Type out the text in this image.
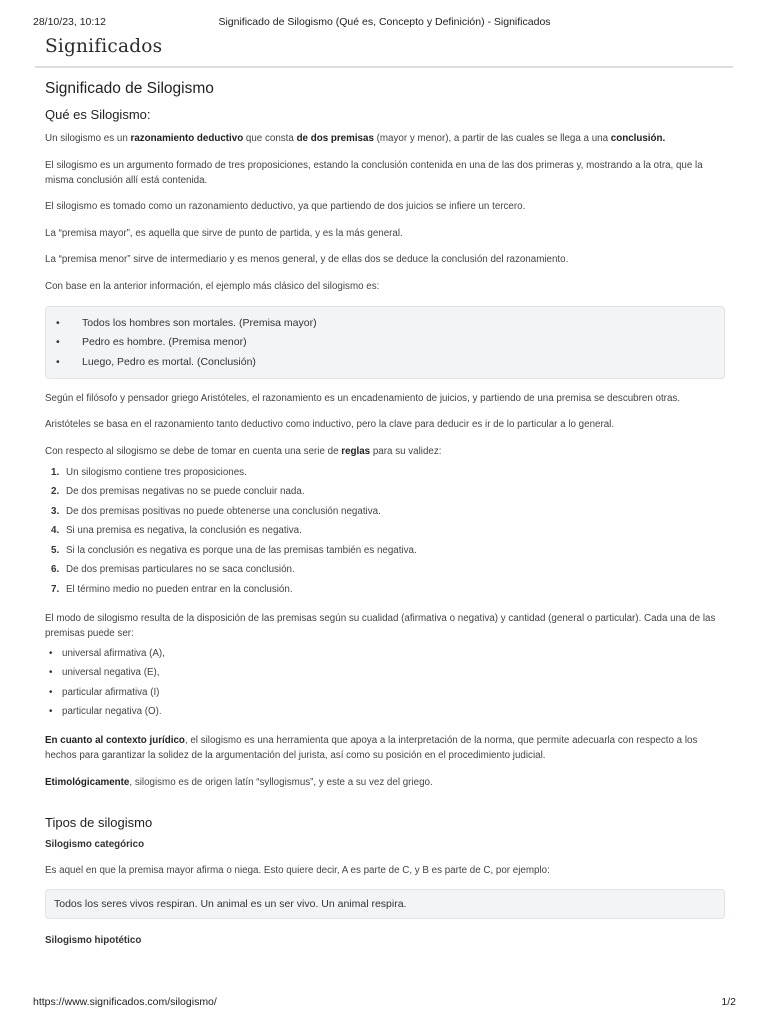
28/10/23, 10:12	Significado de Silogismo (Qué es, Concepto y Definición) - Significados
Significados
Significado de Silogismo
Qué es Silogismo:

Un silogismo es un razonamiento deductivo que consta de dos premisas (mayor y menor), a partir de las cuales se llega a una conclusión.

El silogismo es un argumento formado de tres proposiciones, estando la conclusión contenida en una de las dos primeras y, mostrando a la otra, que la misma conclusión allí está contenida.

El silogismo es tomado como un razonamiento deductivo, ya que partiendo de dos juicios se infiere un tercero.

La “premisa mayor”, es aquella que sirve de punto de partida, y es la más general.

La “premisa menor” sirve de intermediario y es menos general, y de ellas dos se deduce la conclusión del razonamiento.

Con base en la anterior información, el ejemplo más clásico del silogismo es:

• Todos los hombres son mortales. (Premisa mayor)
• Pedro es hombre. (Premisa menor)
• Luego, Pedro es mortal. (Conclusión)

Según el filósofo y pensador griego Aristóteles, el razonamiento es un encadenamiento de juicios, y partiendo de una premisa se descubren otras.

Aristóteles se basa en el razonamiento tanto deductivo como inductivo, pero la clave para deducir es ir de lo particular a lo general.

Con respecto al silogismo se debe de tomar en cuenta una serie de reglas para su validez:

1. Un silogismo contiene tres proposiciones.
2. De dos premisas negativas no se puede concluir nada.
3. De dos premisas positivas no puede obtenerse una conclusión negativa.
4. Si una premisa es negativa, la conclusión es negativa.
5. Si la conclusión es negativa es porque una de las premisas también es negativa.
6. De dos premisas particulares no se saca conclusión.
7. El término medio no pueden entrar en la conclusión.

El modo de silogismo resulta de la disposición de las premisas según su cualidad (afirmativa o negativa) y cantidad (general o particular). Cada una de las premisas puede ser:

• universal afirmativa (A),
• universal negativa (E),
• particular afirmativa (I)
• particular negativa (O).

En cuanto al contexto jurídico, el silogismo es una herramienta que apoya a la interpretación de la norma, que permite adecuarla con respecto a los hechos para garantizar la solidez de la argumentación del jurista, así como su posición en el procedimiento judicial.

Etimológicamente, silogismo es de origen latín “syllogismus”, y este a su vez del griego.

Tipos de silogismo
Silogismo categórico

Es aquel en que la premisa mayor afirma o niega. Esto quiere decir, A es parte de C, y B es parte de C, por ejemplo:

Todos los seres vivos respiran. Un animal es un ser vivo. Un animal respira.
Silogismo hipotético
https://www.significados.com/silogismo/	1/2
